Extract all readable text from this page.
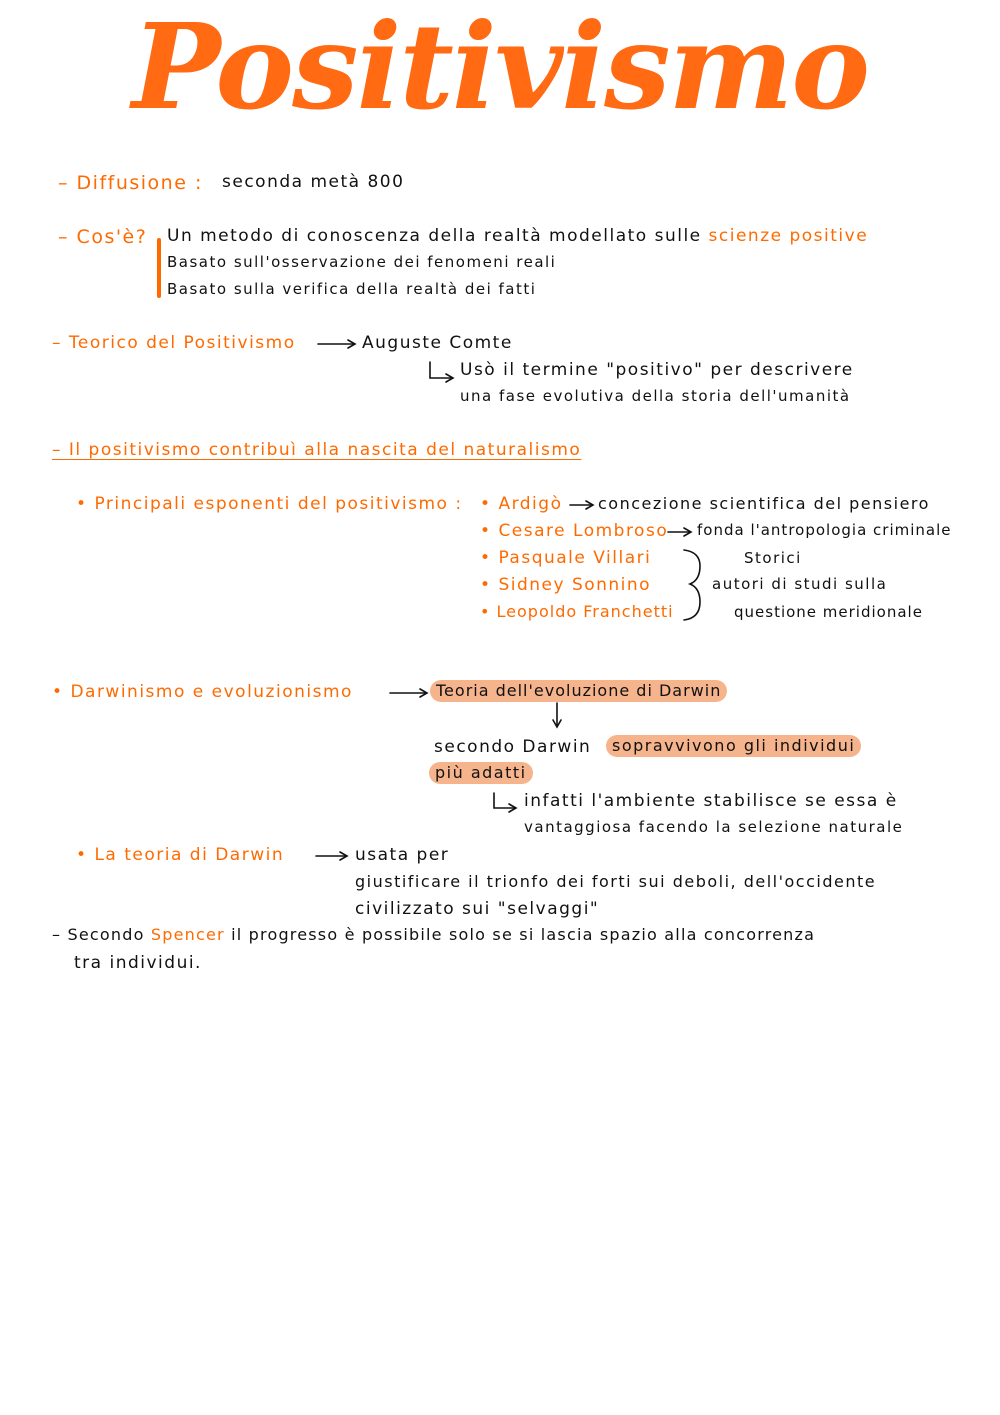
Positivismo
– Diffusione : seconda metà 800
– Cos'è? Un metodo di conoscenza della realtà modellato sulle scienze positive
Basato sull'osservazione dei fenomeni reali
Basato sulla verifica della realtà dei fatti
– Teorico del Positivismo	Auguste Comte
Usò il termine "positivo" per descrivere
una fase evolutiva della storia dell'umanità
– Il positivismo contribuì alla nascita del naturalismo
• Principali esponenti del positivismo : • Ardigò concezione scientifica del pensiero
• Cesare Lombroso fonda l'antropologia criminale
• Pasquale Villari
• Sidney Sonnino
• Leopoldo Franchetti
Storici
autori di studi sulla
questione meridionale
• Darwinismo e evoluzionismo	Teoria dell'evoluzione di Darwin
secondo Darwin	sopravvivono gli individui
più adatti
infatti l'ambiente stabilisce se essa è
vantaggiosa facendo la selezione naturale
• La teoria di Darwin	usata per
giustificare il trionfo dei forti sui deboli, dell'occidente
civilizzato sui "selvaggi"
– Secondo Spencer il progresso è possibile solo se si lascia spazio alla concorrenza
tra individui.
